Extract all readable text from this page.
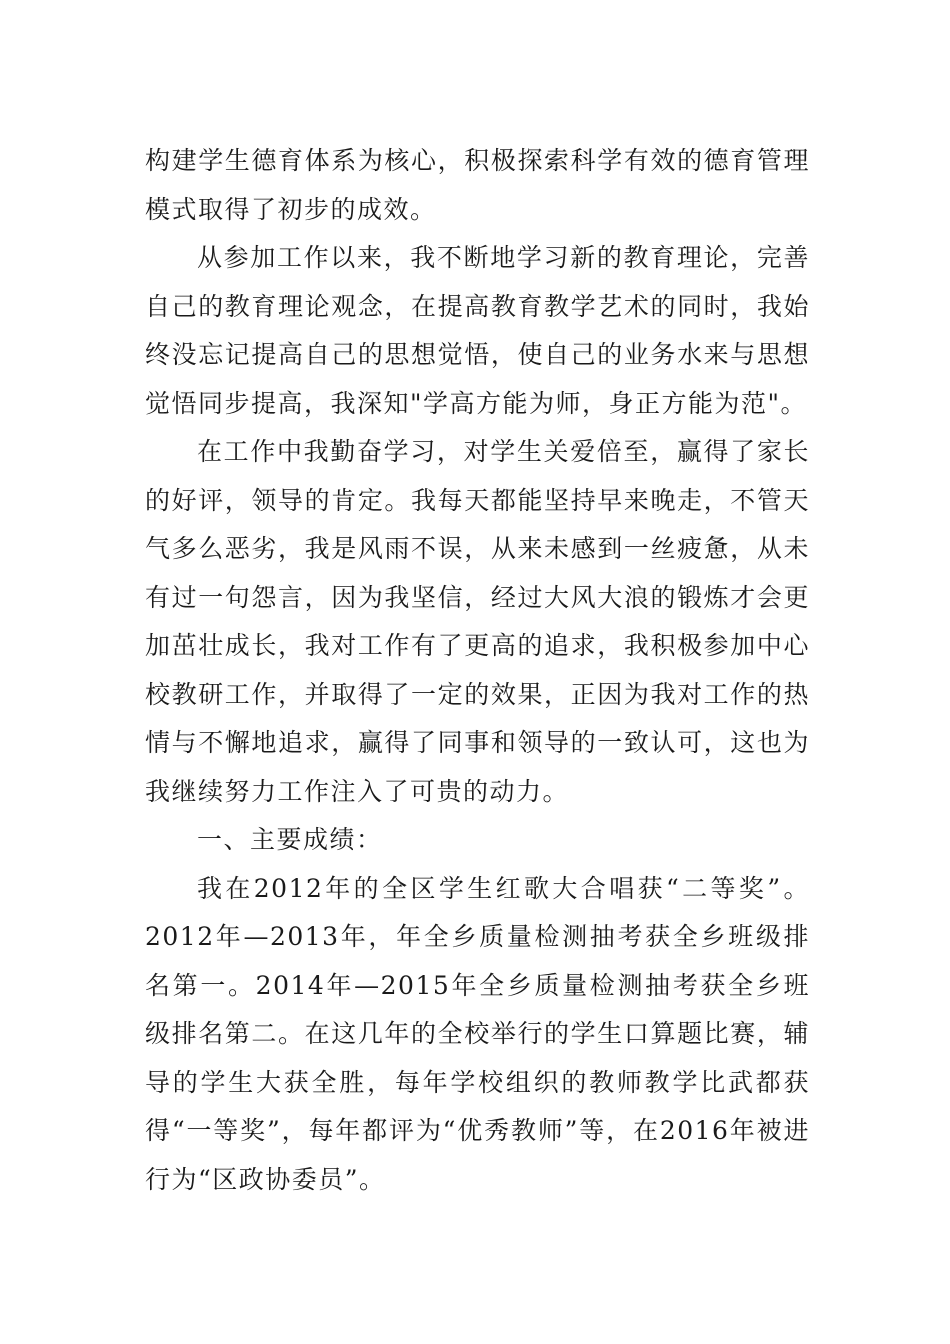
构建学生德育体系为核心，积极探索科学有效的德育管理模式取得了初步的成效。

从参加工作以来，我不断地学习新的教育理论，完善自己的教育理论观念，在提高教育教学艺术的同时，我始终没忘记提高自己的思想觉悟，使自己的业务水来与思想觉悟同步提高，我深知"学高方能为师，身正方能为范"。

在工作中我勤奋学习，对学生关爱倍至，赢得了家长的好评，领导的肯定。我每天都能坚持早来晚走，不管天气多么恶劣，我是风雨不误，从来未感到一丝疲惫，从未有过一句怨言，因为我坚信，经过大风大浪的锻炼才会更加茁壮成长，我对工作有了更高的追求，我积极参加中心校教研工作，并取得了一定的效果，正因为我对工作的热情与不懈地追求，赢得了同事和领导的一致认可，这也为我继续努力工作注入了可贵的动力。

一、主要成绩：

我在2012年的全区学生红歌大合唱获“二等奖”。2012年—2013年，年全乡质量检测抽考获全乡班级排名第一。2014年—2015年全乡质量检测抽考获全乡班级排名第二。在这几年的全校举行的学生口算题比赛，辅导的学生大获全胜，每年学校组织的教师教学比武都获得“一等奖”，每年都评为“优秀教师”等，在2016年被进行为“区政协委员”。
